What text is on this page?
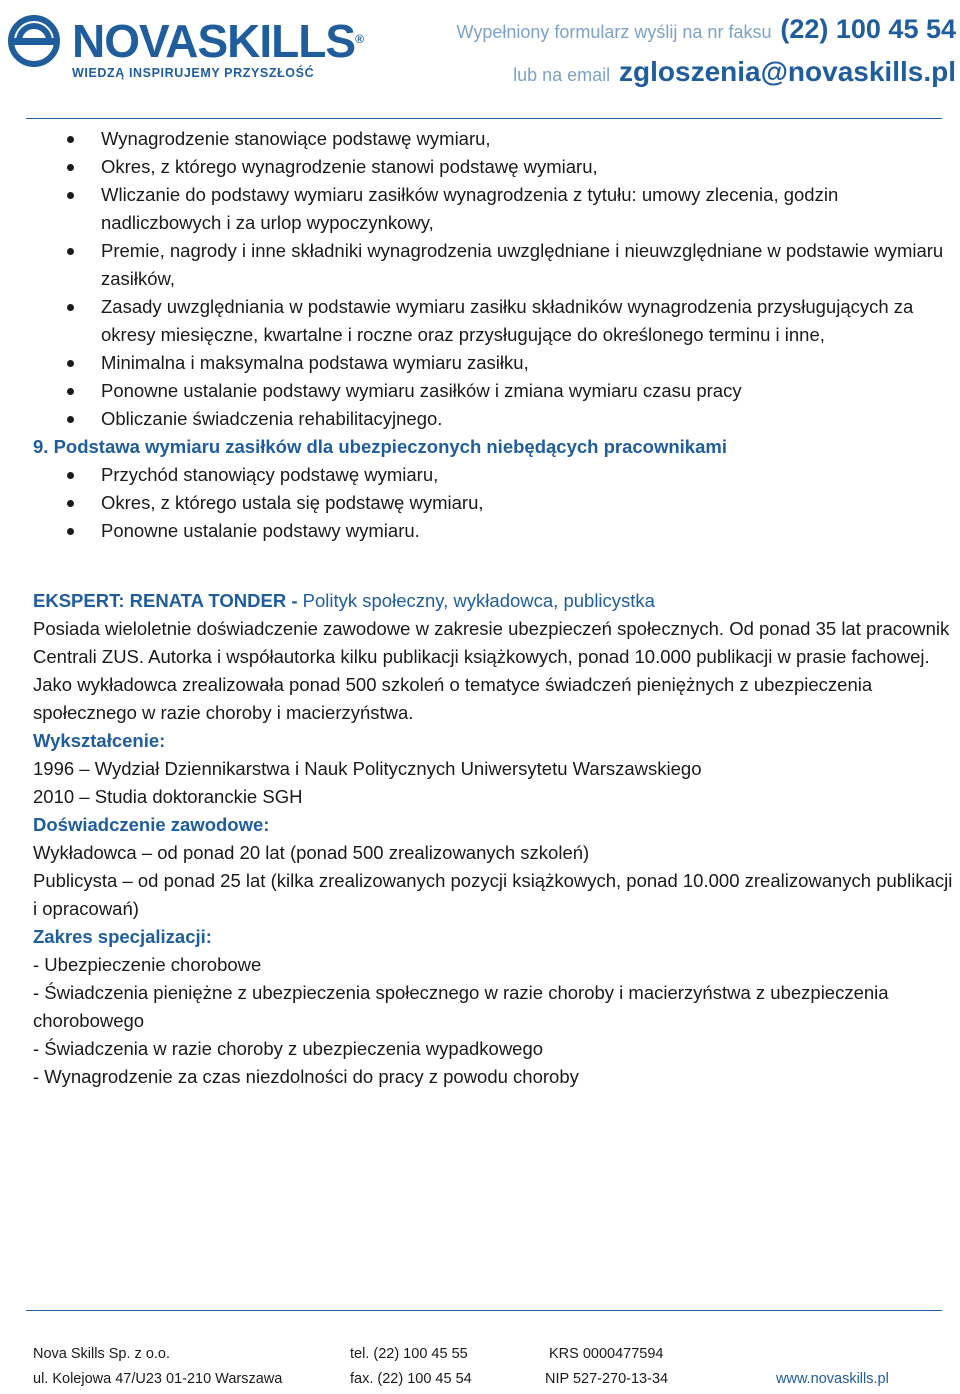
NOVASKILLS®
WIEDZĄ INSPIRUJEMY PRZYSZŁOŚĆ
Wypełniony formularz wyślij na nr faksu (22) 100 45 54
lub na email zgloszenia@novaskills.pl
Wynagrodzenie stanowiące podstawę wymiaru,
Okres, z którego wynagrodzenie stanowi podstawę wymiaru,
Wliczanie do podstawy wymiaru zasiłków wynagrodzenia z tytułu: umowy zlecenia, godzin nadliczbowych i za urlop wypoczynkowy,
Premie, nagrody i inne składniki wynagrodzenia uwzględniane i nieuwzględniane w podstawie wymiaru zasiłków,
Zasady uwzględniania w podstawie wymiaru zasiłku składników wynagrodzenia przysługujących za okresy miesięczne, kwartalne i roczne oraz przysługujące do określonego terminu i inne,
Minimalna i maksymalna podstawa wymiaru zasiłku,
Ponowne ustalanie podstawy wymiaru zasiłków i zmiana wymiaru czasu pracy
Obliczanie świadczenia rehabilitacyjnego.
9. Podstawa wymiaru zasiłków dla ubezpieczonych niebędących pracownikami
Przychód stanowiący podstawę wymiaru,
Okres, z którego ustala się podstawę wymiaru,
Ponowne ustalanie podstawy wymiaru.

EKSPERT: RENATA TONDER - Polityk społeczny, wykładowca, publicystka

Posiada wieloletnie doświadczenie zawodowe w zakresie ubezpieczeń społecznych. Od ponad 35 lat pracownik Centrali ZUS. Autorka i współautorka kilku publikacji książkowych, ponad 10.000 publikacji w prasie fachowej. Jako wykładowca zrealizowała ponad 500 szkoleń o tematyce świadczeń pieniężnych z ubezpieczenia społecznego w razie choroby i macierzyństwa.

Wykształcenie:

1996 – Wydział Dziennikarstwa i Nauk Politycznych Uniwersytetu Warszawskiego

2010 – Studia doktoranckie SGH

Doświadczenie zawodowe:

Wykładowca – od ponad 20 lat (ponad 500 zrealizowanych szkoleń)

Publicysta – od ponad 25 lat (kilka zrealizowanych pozycji książkowych, ponad 10.000 zrealizowanych publikacji i opracowań)

Zakres specjalizacji:

- Ubezpieczenie chorobowe

- Świadczenia pieniężne z ubezpieczenia społecznego w razie choroby i macierzyństwa z ubezpieczenia chorobowego

- Świadczenia w razie choroby z ubezpieczenia wypadkowego

- Wynagrodzenie za czas niezdolności do pracy z powodu choroby

Nova Skills Sp. z o.o.
ul. Kolejowa 47/U23 01-210 Warszawa
tel. (22) 100 45 55
fax. (22) 100 45 54
KRS 0000477594
NIP 527-270-13-34	www.novaskills.pl
